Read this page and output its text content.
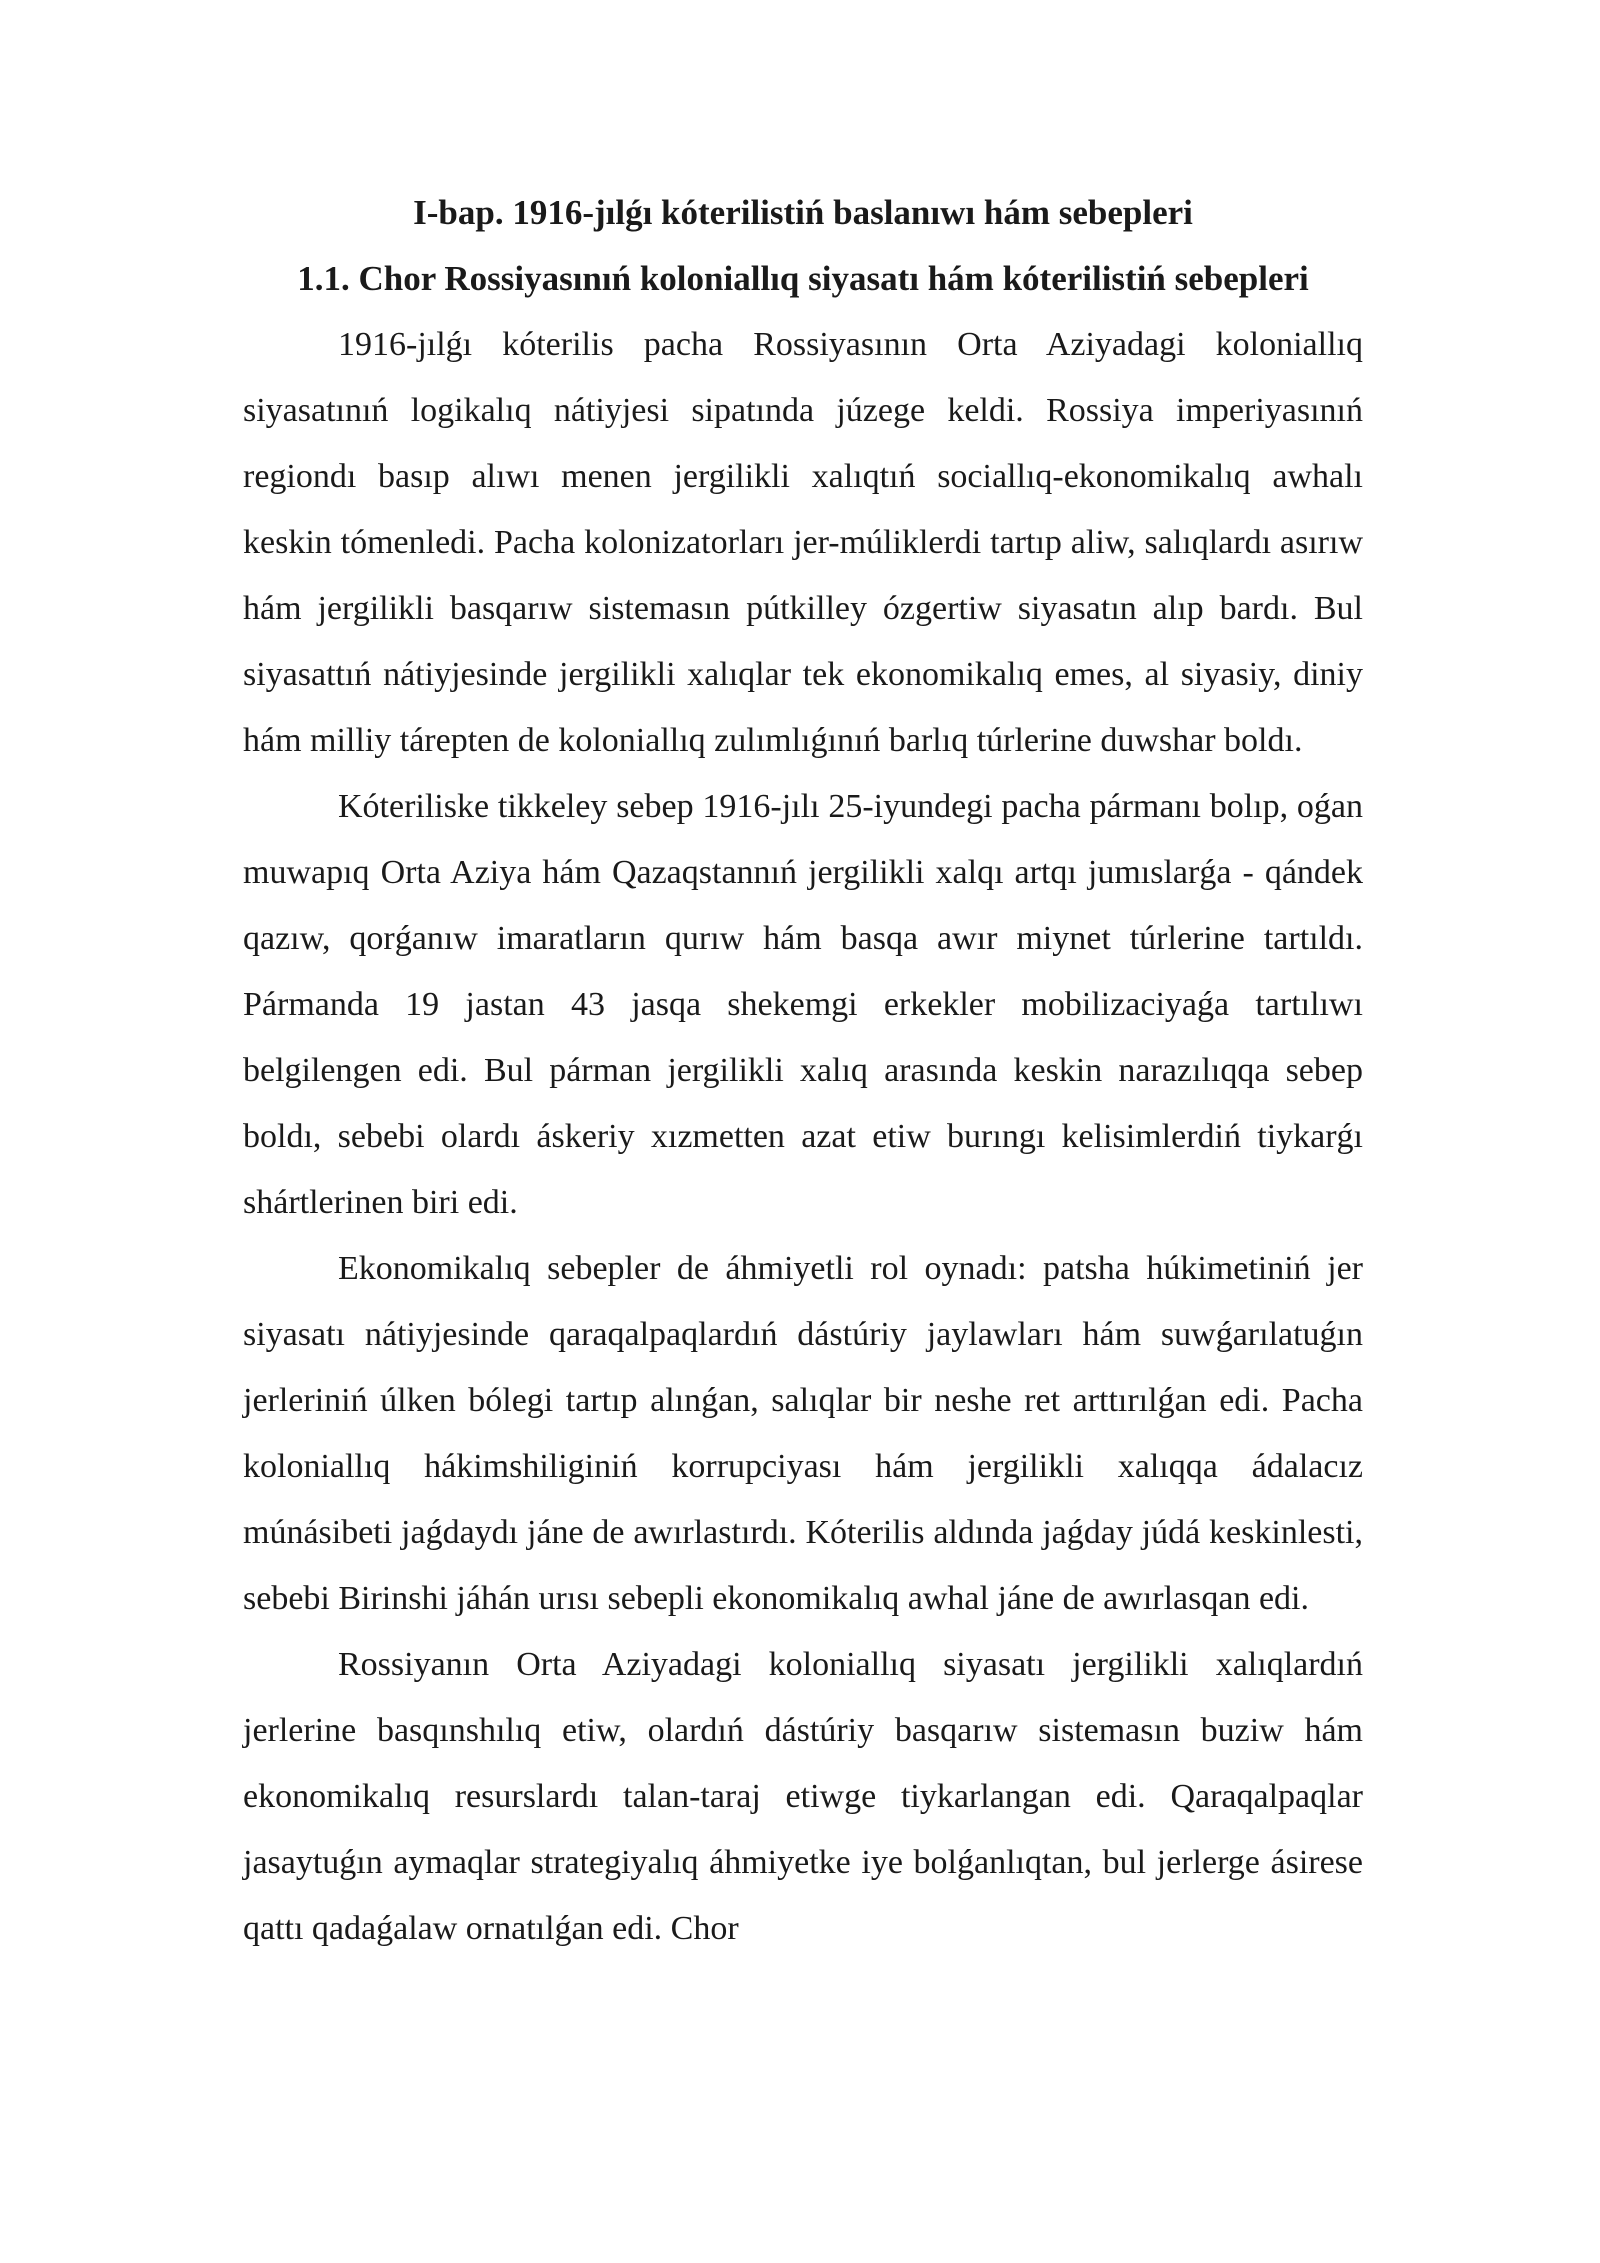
I-bap. 1916-jılǵı kóterilistiń baslanıwı hám sebepleri
1.1. Chor Rossiyasınıń koloniallıq siyasatı hám kóterilistiń sebepleri

1916-jılǵı kóterilis pacha Rossiyasının Orta Aziyadagi koloniallıq siyasatınıń logikalıq nátiyjesi sipatında júzege keldi. Rossiya imperiyasınıń regiondı basıp alıwı menen jergilikli xalıqtıń sociallıq-ekonomikalıq awhalı keskin tómenledi. Pacha kolonizatorları jer-múliklerdi tartıp aliw, salıqlardı asırıw hám jergilikli basqarıw sistemasın pútkilley ózgertiw siyasatın alıp bardı. Bul siyasattıń nátiyjesinde jergilikli xalıqlar tek ekonomikalıq emes, al siyasiy, diniy hám milliy tárepten de koloniallıq zulımlıǵınıń barlıq túrlerine duwshar boldı.

Kóteriliske tikkeley sebep 1916-jılı 25-iyundegi pacha pármanı bolıp, oǵan muwapıq Orta Aziya hám Qazaqstannıń jergilikli xalqı artqı jumıslarǵa - qándek qazıw, qorǵanıw imaratların qurıw hám basqa awır miynet túrlerine tartıldı. Pármanda 19 jastan 43 jasqa shekemgi erkekler mobilizaciyaǵa tartılıwı belgilengen edi. Bul párman jergilikli xalıq arasında keskin narazılıqqa sebep boldı, sebebi olardı áskeriy xızmetten azat etiw burıngı kelisimlerdiń tiykarǵı shártlerinen biri edi.

Ekonomikalıq sebepler de áhmiyetli rol oynadı: patsha húkimetiniń jer siyasatı nátiyjesinde qaraqalpaqlardıń dástúriy jaylawları hám suwǵarılatuǵın jerleriniń úlken bólegi tartıp alınǵan, salıqlar bir neshe ret arttırılǵan edi. Pacha koloniallıq hákimshiliginiń korrupciyası hám jergilikli xalıqqa ádalacız múnásibeti jaǵdaydı jáne de awırlastırdı. Kóterilis aldında jaǵday júdá keskinlesti, sebebi Birinshi jáhán urısı sebepli ekonomikalıq awhal jáne de awırlasqan edi.

Rossiyanın Orta Aziyadagi koloniallıq siyasatı jergilikli xalıqlardıń jerlerine basqınshılıq etiw, olardıń dástúriy basqarıw sistemasın buziw hám ekonomikalıq resurslardı talan-taraj etiwge tiykarlangan edi. Qaraqalpaqlar jasaytuǵın aymaqlar strategiyalıq áhmiyetke iye bolǵanlıqtan, bul jerlerge ásirese qattı qadaǵalaw ornatılǵan edi. Chor
